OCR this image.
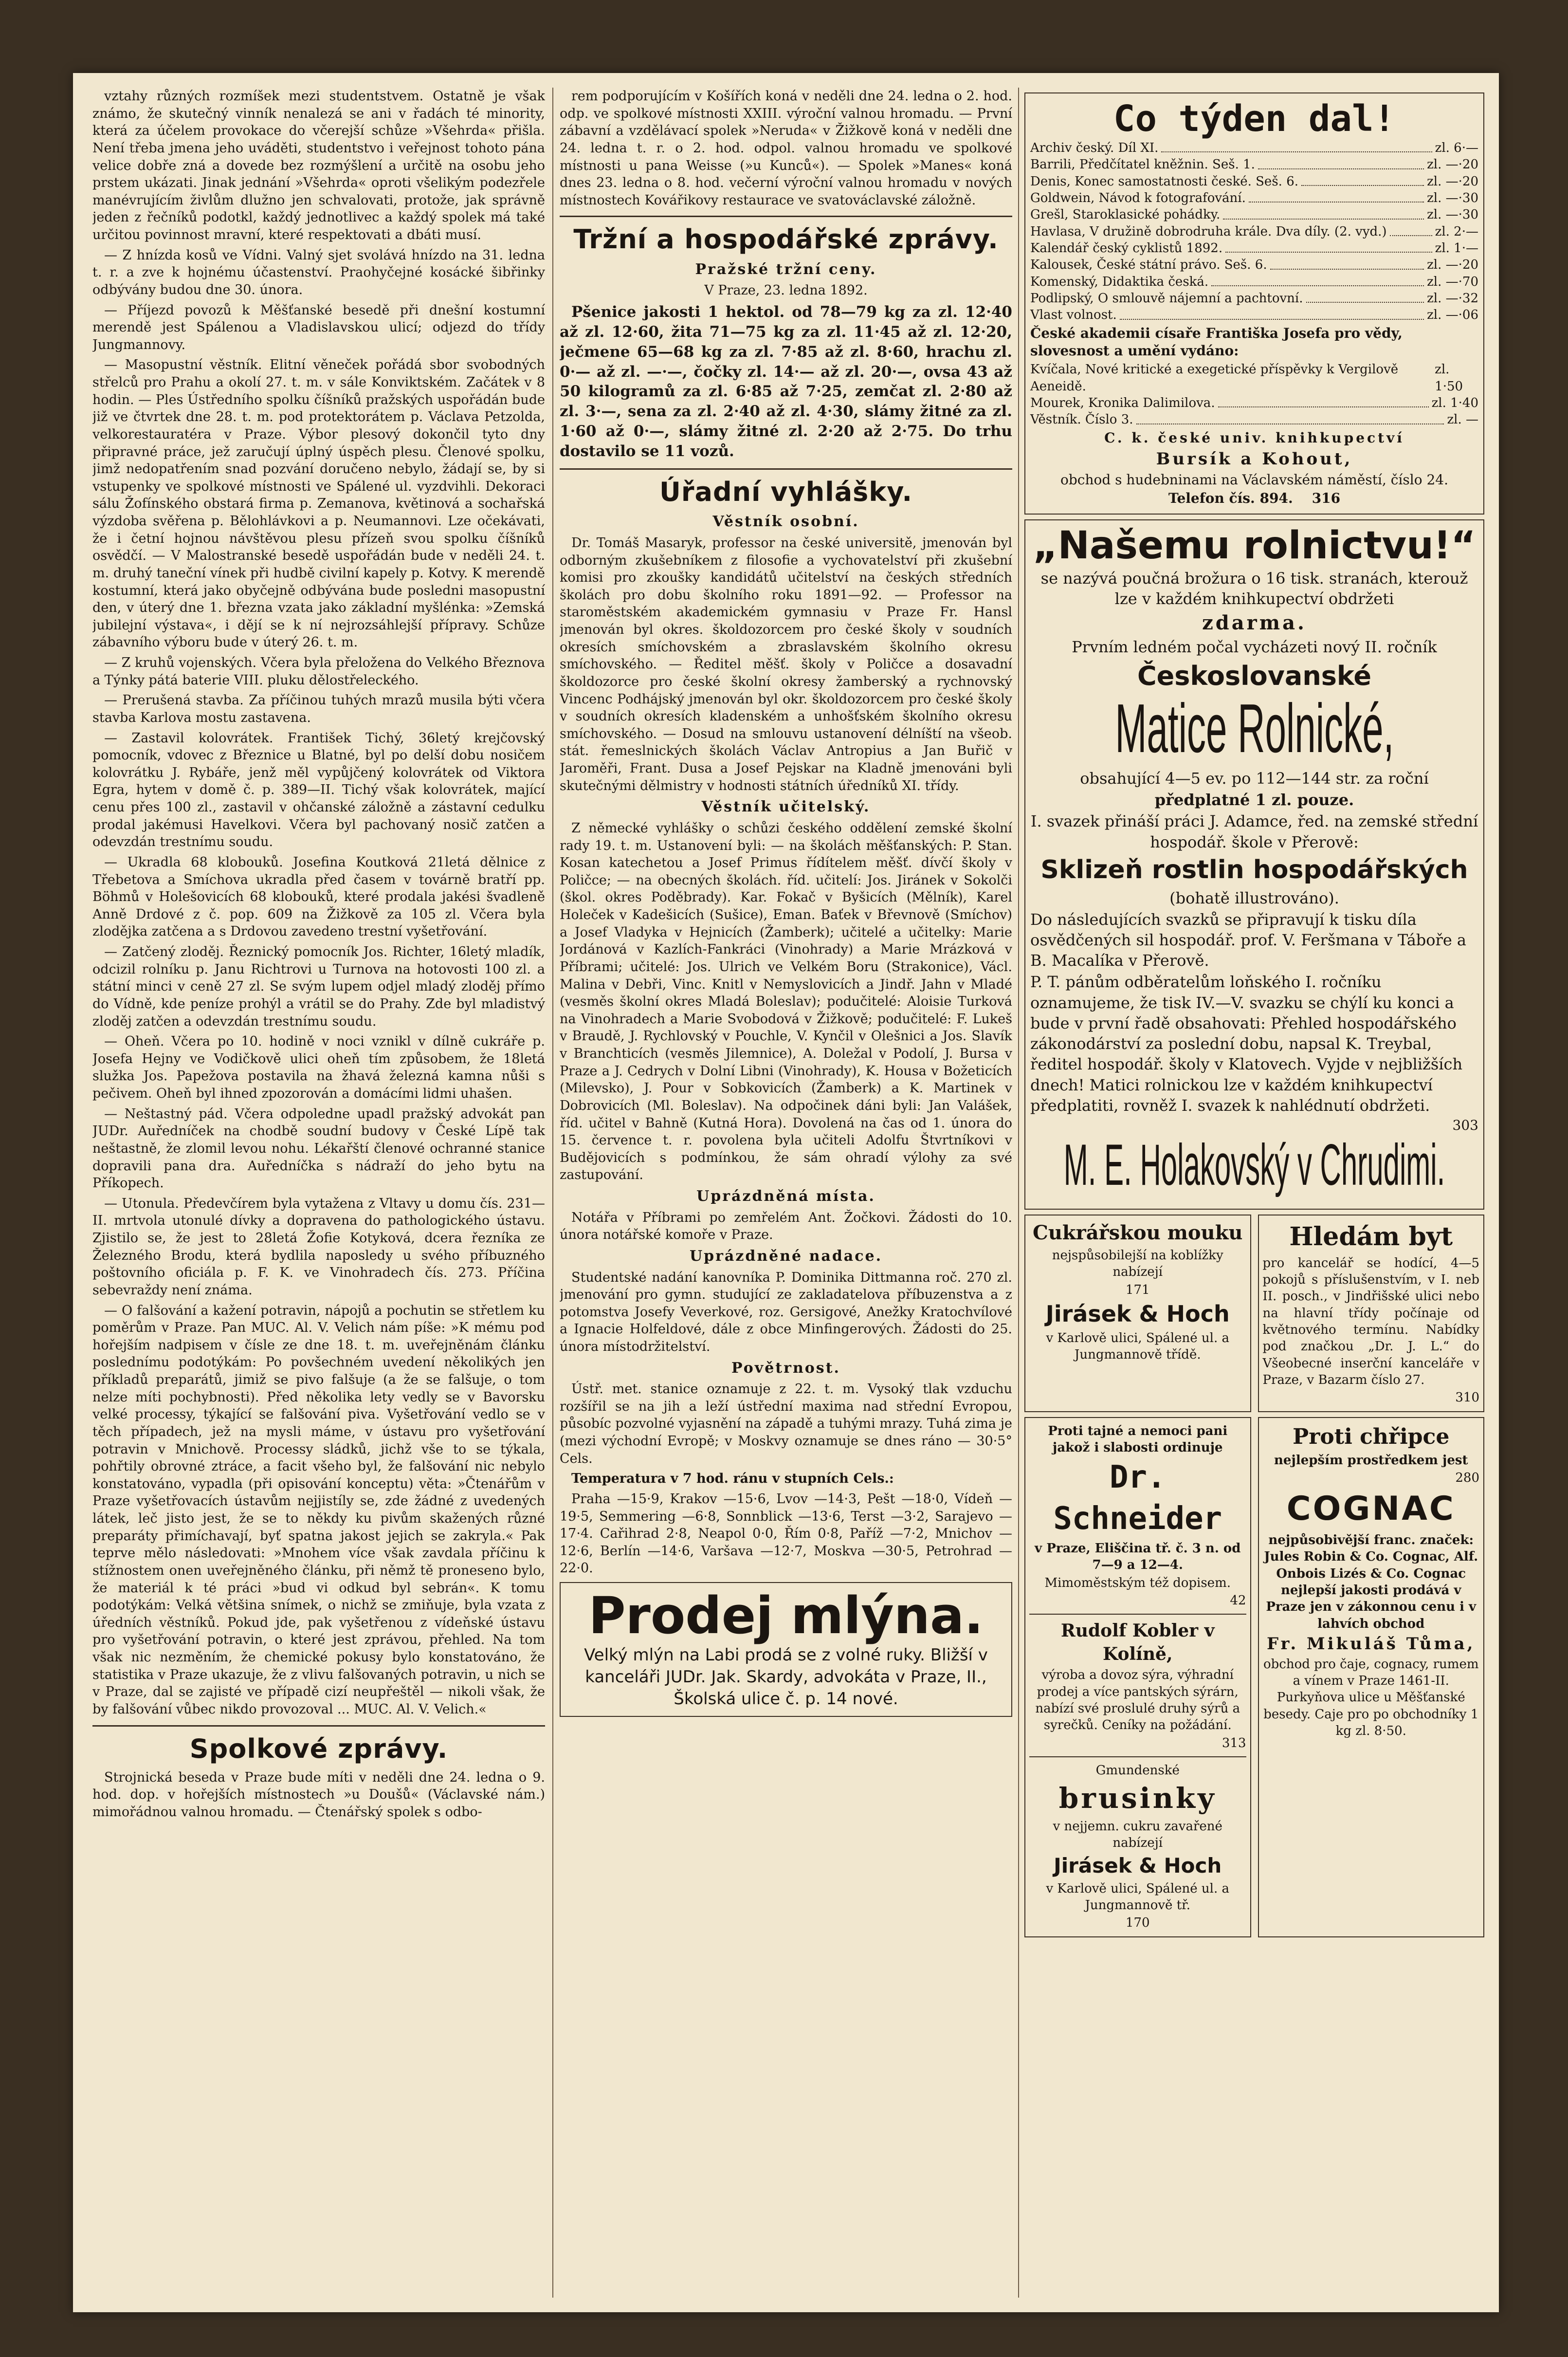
vztahy různých rozmíšek mezi studentstvem. Ostatně je však známo, že skutečný vinník nenalezá se ani v řadách té minority, která za účelem provokace do včerejší schůze »Všehrda« přišla. Není třeba jmena jeho uváděti, studentstvo i veřejnost tohoto pána velice dobře zná a dovede bez rozmýšlení a určitě na osobu jeho prstem ukázati. Jinak jednání »Všehrda« oproti všelikým podezřele manévrujícím živlům dlužno jen schvalovati, protože, jak správně jeden z řečníků podotkl, každý jednotlivec a každý spolek má také určitou povinnost mravní, které respektovati a dbáti musí.

— Z hnízda kosů ve Vídni. Valný sjet svolává hnízdo na 31. ledna t. r. a zve k hojnému účastenství. Praohyčejné kosácké šibřinky odbývány budou dne 30. února.

— Příjezd povozů k Měšťanské besedě při dnešní kostumní merendě jest Spálenou a Vladislavskou ulicí; odjezd do třídy Jungmannovy.

— Masopustní věstník. Elitní věneček pořádá sbor svobodných střelců pro Prahu a okolí 27. t. m. v sále Konviktském. Začátek v 8 hodin. — Ples Ústředního spolku číšníků pražských uspořádán bude již ve čtvrtek dne 28. t. m. pod protektorátem p. Václava Petzolda, velkorestauratéra v Praze. Výbor plesový dokončil tyto dny připravné práce, jež zaručují úplný úspěch plesu. Členové spolku, jimž nedopatřením snad pozvání doručeno nebylo, žádají se, by si vstupenky ve spolkové místnosti ve Spálené ul. vyzdvihli. Dekoraci sálu Žofínského obstará firma p. Zemanova, květinová a sochařská výzdoba svěřena p. Bělohlávkovi a p. Neumannovi. Lze očekávati, že i četní hojnou návštěvou plesu přízeň svou spolku číšníků osvědčí. — V Malostranské besedě uspořádán bude v neděli 24. t. m. druhý taneční vínek při hudbě civilní kapely p. Kotvy. K merendě kostumní, která jako obyčejně odbývána bude posledni masopustní den, v úterý dne 1. března vzata jako základní myšlénka: »Zemská jubilejní výstava«, i dějí se k ní nejrozsáhlejší přípravy. Schůze zábavního výboru bude v úterý 26. t. m.

— Z kruhů vojenských. Včera byla přeložena do Velkého Březnova a Týnky pátá baterie VIII. pluku dělostřeleckého.

— Prerušená stavba. Za příčinou tuhých mrazů musila býti včera stavba Karlova mostu zastavena.

— Zastavil kolovrátek. František Tichý, 36letý krejčovský pomocník, vdovec z Březnice u Blatné, byl po delší dobu nosičem kolovrátku J. Rybáře, jenž měl vypůjčený kolovrátek od Viktora Egra, hytem v domě č. p. 389—II. Tichý však kolovrátek, mající cenu přes 100 zl., zastavil v ohčanské záložně a zástavní cedulku prodal jakémusi Havelkovi. Včera byl pachovaný nosič zatčen a odevzdán trestnímu soudu.

— Ukradla 68 klobouků. Josefina Koutková 21letá dělnice z Třebetova a Smíchova ukradla před časem v továrně bratří pp. Böhmů v Holešovicích 68 klobouků, které prodala jakési švadleně Anně Drdové z č. pop. 609 na Žižkově za 105 zl. Včera byla zlodějka zatčena a s Drdovou zavedeno trestní vyšetřování.

— Zatčený zloděj. Řeznický pomocník Jos. Richter, 16letý mladík, odcizil rolníku p. Janu Richtrovi u Turnova na hotovosti 100 zl. a státní minci v ceně 27 zl. Se svým lupem odjel mladý zloděj přímo do Vídně, kde peníze prohýl a vrátil se do Prahy. Zde byl mladistvý zloděj zatčen a odevzdán trestnímu soudu.

— Oheň. Včera po 10. hodině v noci vznikl v dílně cukráře p. Josefa Hejny ve Vodičkově ulici oheň tím způsobem, že 18letá služka Jos. Papežova postavila na žhavá železná kamna nůši s pečivem. Oheň byl ihned zpozorován a domácími lidmi uhašen.

— Neštastný pád. Včera odpoledne upadl pražský advokát pan JUDr. Auředníček na chodbě soudní budovy v České Lípě tak neštastně, že zlomil levou nohu. Lékařští členové ochranné stanice dopravili pana dra. Auředníčka s nádraží do jeho bytu na Příkopech.

— Utonula. Předevčírem byla vytažena z Vltavy u domu čís. 231—II. mrtvola utonulé dívky a dopravena do pathologického ústavu. Zjistilo se, že jest to 28letá Žofie Kotyková, dcera řezníka ze Železného Brodu, která bydlila naposledy u svého příbuzného poštovního oficiála p. F. K. ve Vinohradech čís. 273. Příčina sebevraždy není známa.

— O falšování a kažení potravin, nápojů a pochutin se střetlem ku poměrům v Praze. Pan MUC. Al. V. Velich nám píše: »K mému pod hořejším nadpisem v čísle ze dne 18. t. m. uveřejněnám článku poslednímu podotýkám: Po povšechném uvedení několikých jen příkladů preparátů, jimiž se pivo falšuje (a že se falšuje, o tom nelze míti pochybnosti). Před několika lety vedly se v Bavorsku velké processy, týkající se falšování piva. Vyšetřování vedlo se v těch případech, jež na mysli máme, v ústavu pro vyšetřování potravin v Mnichově. Processy sládků, jichž vše to se týkala, pohřtily obrovné ztráce, a facit všeho byl, že falšování nic nebylo konstatováno, vypadla (při opisování konceptu) věta: »Čtenářům v Praze vyšetřovacích ústavům nejjistíly se, zde žádné z uvedených látek, leč jisto jest, že se to někdy ku pivům skažených různé preparáty přimíchavají, byť spatna jakost jejich se zakryla.« Pak teprve mělo následovati: »Mnohem více však zavdala příčinu k stížnostem onen uveřejněného článku, při němž tě proneseno bylo, že materiál k té práci »bud vi odkud byl sebrán«. K tomu podotýkám: Velká většina snímek, o nichž se zmiňuje, byla vzata z úředních věstníků. Pokud jde, pak vyšetřenou z vídeňské ústavu pro vyšetřování potravin, o které jest zprávou, přehled. Na tom však nic nezměním, že chemické pokusy bylo konstatováno, že statistika v Praze ukazuje, že z vlivu falšovaných potravin, u nich se v Praze, dal se zajisté ve případě cizí neupřeštěl — nikoli však, že by falšování vůbec nikdo provozoval ... MUC. Al. V. Velich.«

Spolkové zprávy.

Strojnická beseda v Praze bude míti v neděli dne 24. ledna o 9. hod. dop. v hořejších místnostech »u Doušů« (Václavské nám.) mimořádnou valnou hromadu. — Čtenářský spolek s odbo-

rem podporujícím v Košířích koná v neděli dne 24. ledna o 2. hod. odp. ve spolkové místnosti XXIII. výroční valnou hromadu. — První zábavní a vzdělávací spolek »Neruda« v Žižkově koná v neděli dne 24. ledna t. r. o 2. hod. odpol. valnou hromadu ve spolkové místnosti u pana Weisse (»u Kunců«). — Spolek »Manes« koná dnes 23. ledna o 8. hod. večerní výroční valnou hromadu v nových místnostech Kovářikovy restaurace ve svatováclavské záložně.

Tržní a hospodářské zprávy.
Pražské tržní ceny.

V Praze, 23. ledna 1892.

Pšenice jakosti 1 hektol. od 78—79 kg za zl. 12·40 až zl. 12·60, žita 71—75 kg za zl. 11·45 až zl. 12·20, ječmene 65—68 kg za zl. 7·85 až zl. 8·60, hrachu zl. 0·— až zl. —·—, čočky zl. 14·— až zl. 20·—, ovsa 43 až 50 kilogramů za zl. 6·85 až 7·25, zemčat zl. 2·80 až zl. 3·—, sena za zl. 2·40 až zl. 4·30, slámy žitné za zl. 1·60 až 0·—, slámy žitné zl. 2·20 až 2·75. Do trhu dostavilo se 11 vozů.

Úřadní vyhlášky.
Věstník osobní.

Dr. Tomáš Masaryk, professor na české universitě, jmenován byl odborným zkušebníkem z filosofie a vychovatelství při zkušební komisi pro zkoušky kandidátů učitelství na českých středních školách pro dobu školního roku 1891—92. — Professor na staroměstském akademickém gymnasiu v Praze Fr. Hansl jmenován byl okres. školdozorcem pro české školy v soudních okresích smíchovském a zbraslavském školního okresu smíchovského. — Ředitel měšť. školy v Poličce a dosavadní školdozorce pro české školní okresy žamberský a rychnovský Vincenc Podhájský jmenován byl okr. školdozorcem pro české školy v soudních okresích kladenském a unhošťském školního okresu smíchovského. — Dosud na smlouvu ustanovení délníští na všeob. stát. řemeslnických školách Václav Antropius a Jan Buřič v Jaroměři, Frant. Dusa a Josef Pejskar na Kladně jmenováni byli skutečnými dělmistry v hodnosti státních úředníků XI. třídy.

Věstník učitelský.

Z německé vyhlášky o schůzi českého oddělení zemské školní rady 19. t. m. Ustanovení byli: — na školách měšťanských: P. Stan. Kosan katechetou a Josef Primus řídítelem měšť. dívčí školy v Poličce; — na obecných školách. říd. učitelí: Jos. Jiránek v Sokolči (škol. okres Poděbrady). Kar. Fokač v Byšicích (Mělník), Karel Holeček v Kadešicích (Sušice), Eman. Baťek v Břevnově (Smíchov) a Josef Vladyka v Hejnicích (Žamberk); učitelé a učitelky: Marie Jordánová v Kazlích-Fankráci (Vinohrady) a Marie Mrázková v Příbrami; učitelé: Jos. Ulrich ve Velkém Boru (Strakonice), Václ. Malina v Debři, Vinc. Knitl v Nemyslovicích a Jindř. Jahn v Mladé (vesměs školní okres Mladá Boleslav); podučitelé: Aloisie Turková na Vinohradech a Marie Svobodová v Žižkově; podučitelé: F. Lukeš v Braudě, J. Rychlovský v Pouchle, V. Kynčil v Olešnici a Jos. Slavík v Branchticích (vesměs Jilemnice), A. Doležal v Podolí, J. Bursa v Praze a J. Cedrych v Dolní Libni (Vinohrady), K. Housa v Božeticích (Milevsko), J. Pour v Sobkovicích (Žamberk) a K. Martinek v Dobrovicích (Ml. Boleslav). Na odpočinek dáni byli: Jan Valášek, říd. učitel v Bahně (Kutná Hora). Dovolená na čas od 1. února do 15. července t. r. povolena byla učiteli Adolfu Štvrtníkovi v Budějovicích s podmínkou, že sám ohradí výlohy za své zastupování.

Uprázdněná místa.

Notářa v Příbrami po zemřelém Ant. Žočkovi. Žádosti do 10. února notářské komoře v Praze.

Uprázdněné nadace.

Studentské nadání kanovníka P. Dominika Dittmanna roč. 270 zl. jmenování pro gymn. studující ze zakladatelova příbuzenstva a z potomstva Josefy Veverkové, roz. Gersigové, Anežky Kratochvílové a Ignacie Holfeldové, dále z obce Minfingerových. Žádosti do 25. února místodržitelství.

Povětrnost.

Ústř. met. stanice oznamuje z 22. t. m. Vysoký tlak vzduchu rozšířil se na jih a leží ústřední maxima nad střední Evropou, působíc pozvolné vyjasnění na západě a tuhými mrazy. Tuhá zima je (mezi východní Evropě; v Moskvy oznamuje se dnes ráno — 30·5° Cels.

Temperatura v 7 hod. ránu v stupních Cels.:

Praha —15·9, Krakov —15·6, Lvov —14·3, Pešt —18·0, Vídeň —19·5, Semmering —6·8, Sonnblick —13·6, Terst —3·2, Sarajevo —17·4. Cařihrad 2·8, Neapol 0·0, Řím 0·8, Paříž —7·2, Mnichov —12·6, Berlín —14·6, Varšava —12·7, Moskva —30·5, Petrohrad —22·0.

Prodej mlýna.

Velký mlýn na Labi prodá se z volné ruky. Bližší v kanceláři JUDr. Jak. Skardy, advokáta v Praze, II., Školská ulice č. p. 14 nové.

Co týden dal!
Archiv český. Díl XI.	zl. 6·—
Barrili, Předčítatel kněžnin. Seš. 1.	zl. —·20
Denis, Konec samostatnosti české. Seš. 6.	zl. —·20
Goldwein, Návod k fotografování.	zl. —·30
Grešl, Staroklasické pohádky.	zl. —·30
Havlasa, V družině dobrodruha krále. Dva díly. (2. vyd.)	zl. 2·—
Kalendář český cyklistů 1892.	zl. 1·—
Kalousek, České státní právo. Seš. 6.	zl. —·20
Komenský, Didaktika česká.	zl. —·70
Podlipský, O smlouvě nájemní a pachtovní.	zl. —·32
Vlast volnost.	zl. —·06

České akademii císaře Františka Josefa pro vědy, slovesnost a umění vydáno:

Kvíčala, Nové kritické a exegetické příspěvky k Vergilově Aeneidě.
zl. 1·50
Mourek, Kronika Dalimilova.	zl. 1·40
Věstník. Číslo 3.	zl. —

C. k. české univ. knihkupectví

Bursík a Kohout,

obchod s hudebninami na Václavském náměstí, číslo 24.

Telefon čís. 894. 316

„Našemu rolnictvu!“

se nazývá poučná brožura o 16 tisk. stranách, kterouž lze v každém knihkupectví obdržeti

zdarma.

Prvním ledném počal vycházeti nový II. ročník

Českoslovanské

Matice Rolnické,

obsahující 4—5 ev. po 112—144 str. za roční

předplatné 1 zl. pouze.

I. svazek přináší práci J. Adamce, řed. na zemské střední hospodář. škole v Přerově:

Sklizeň rostlin hospodářských

(bohatě illustrováno).

Do následujících svazků se připravují k tisku díla osvědčených sil hospodář. prof. V. Feršmana v Táboře a B. Macalíka v Přerově.

P. T. pánům odběratelům loňského I. ročníku oznamujeme, že tisk IV.—V. svazku se chýlí ku konci a bude v první řadě obsahovati: Přehled hospodářského zákonodárství za poslední dobu, napsal K. Treybal, ředitel hospodář. školy v Klatovech. Vyjde v nejbližších dnech! Matici rolnickou lze v každém knihkupectví předplatiti, rovněž I. svazek k nahlédnutí obdržeti.

303

M. E. Holakovský v Chrudimi.

Cukrářskou mouku

nejspůsobilejší na koblížky nabízejí

171

Jirásek & Hoch

v Karlově ulici, Spálené ul. a Jungmannově třídě.

Hledám byt

pro kancelář se hodící, 4—5 pokojů s příslušenstvím, v I. neb II. posch., v Jindřišské ulici nebo na hlavní třídy počínaje od květnového termínu. Nabídky pod značkou „Dr. J. L.“ do Všeobecné inserční kanceláře v Praze, v Bazarm číslo 27.

310

Proti tajné a nemoci pani jakož i slabosti ordinuje

Dr. Schneider

v Praze, Eliščina tř. č. 3 n. od 7—9 a 12—4.

Mimoměstským též dopisem.

42

Rudolf Kobler v Kolíně,

výroba a dovoz sýra, výhradní prodej a více pantských sýrárn, nabízí své proslulé druhy sýrů a syrečků. Ceníky na požádání.

313

Gmundenské

brusinky

v nejjemn. cukru zavařené nabízejí

Jirásek & Hoch

v Karlově ulici, Spálené ul. a Jungmannově tř.

170

Proti chřipce

nejlepším prostředkem jest

280

COGNAC

nejpůsobivější franc. značek: Jules Robin & Co. Cognac, Alf. Onbois Lizés & Co. Cognac nejlepší jakosti prodává v Praze jen v zákonnou cenu i v lahvích obchod

Fr. Mikuláš Tůma,

obchod pro čaje, cognacy, rumem a vínem v Praze 1461-II. Purkyňova ulice u Měšťanské besedy. Caje pro po obchodníky 1 kg zl. 8·50.
